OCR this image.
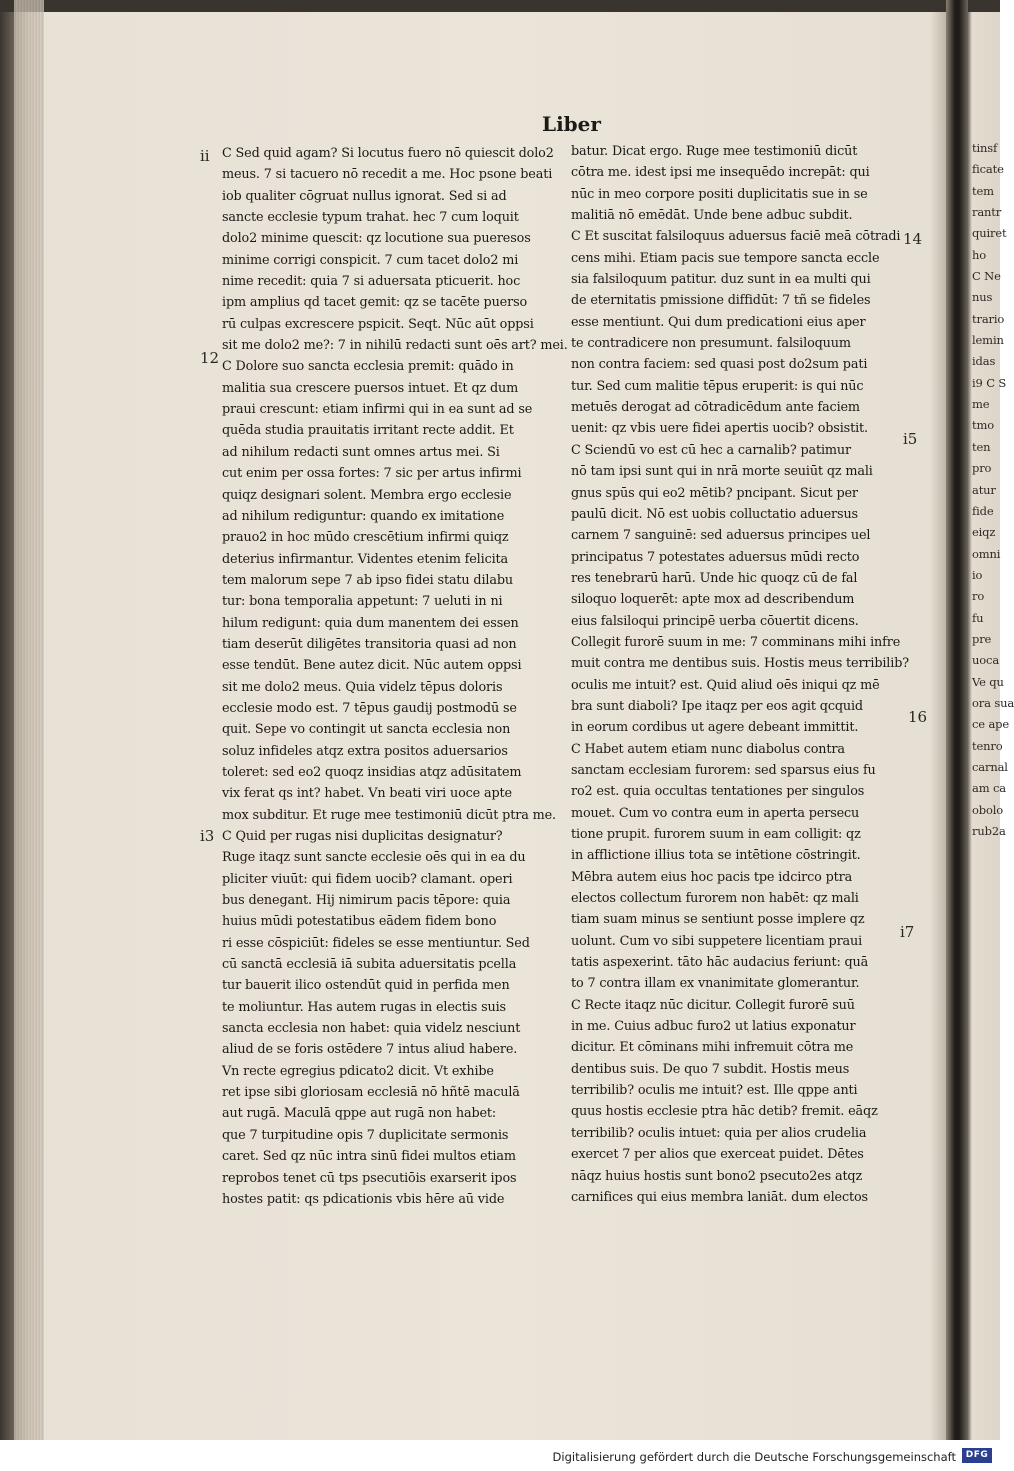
Liber
ii
12
i3
14
i5
16
i7
C Sed quid agam? Si locutus fuero nō quiescit dolo2
meus. 7 si tacuero nō recedit a me. Hoc psone beati
iob qualiter cōgruat nullus ignorat. Sed si ad
sancte ecclesie typum trahat. hec 7 cum loquit
dolo2 minime quescit: qz locutione sua pueresos
minime corrigi conspicit. 7 cum tacet dolo2 mi
nime recedit: quia 7 si aduersata pticuerit. hoc
ipm amplius qd tacet gemit: qz se tacēte puerso
rū culpas excrescere pspicit. Seqt. Nūc aūt oppsi
sit me dolo2 me?: 7 in nihilū redacti sunt oēs art? mei.
C Dolore suo sancta ecclesia premit: quādo in
malitia sua crescere puersos intuet. Et qz dum
praui crescunt: etiam infirmi qui in ea sunt ad se
quēda studia prauitatis irritant recte addit. Et
ad nihilum redacti sunt omnes artus mei. Si
cut enim per ossa fortes: 7 sic per artus infirmi
quiqz designari solent. Membra ergo ecclesie
ad nihilum rediguntur: quando ex imitatione
prauo2 in hoc mūdo crescētium infirmi quiqz
deterius infirmantur. Videntes etenim felicita
tem malorum sepe 7 ab ipso fidei statu dilabu
tur: bona temporalia appetunt: 7 ueluti in ni
hilum redigunt: quia dum manentem dei essen
tiam deserūt diligētes transitoria quasi ad non
esse tendūt. Bene autez dicit. Nūc autem oppsi
sit me dolo2 meus. Quia videlz tēpus doloris
ecclesie modo est. 7 tēpus gaudij postmodū se
quit. Sepe vo contingit ut sancta ecclesia non
soluz infideles atqz extra positos aduersarios
toleret: sed eo2 quoqz insidias atqz adūsitatem
vix ferat qs int? habet. Vn beati viri uoce apte
mox subditur. Et ruge mee testimoniū dicūt ptra me.
C Quid per rugas nisi duplicitas designatur?
Ruge itaqz sunt sancte ecclesie oēs qui in ea du
pliciter viuūt: qui fidem uocib? clamant. operi
bus denegant. Hij nimirum pacis tēpore: quia
huius mūdi potestatibus eādem fidem bono
ri esse cōspiciūt: fideles se esse mentiuntur. Sed
cū sanctā ecclesiā iā subita aduersitatis pcella
tur bauerit ilico ostendūt quid in perfida men
te moliuntur. Has autem rugas in electis suis
sancta ecclesia non habet: quia videlz nesciunt
aliud de se foris ostēdere 7 intus aliud habere.
Vn recte egregius pdicato2 dicit. Vt exhibe
ret ipse sibi gloriosam ecclesiā nō hñtē maculā
aut rugā. Maculā qppe aut rugā non habet:
que 7 turpitudine opis 7 duplicitate sermonis
caret. Sed qz nūc intra sinū fidei multos etiam
reprobos tenet cū tps psecutiōis exarserit ipos
hostes patit: qs pdicationis vbis hēre aū vide
batur. Dicat ergo. Ruge mee testimoniū dicūt
cōtra me. idest ipsi me insequēdo increpāt: qui
nūc in meo corpore positi duplicitatis sue in se
malitiā nō emēdāt. Unde bene adbuc subdit.
C Et suscitat falsiloquus aduersus faciē meā cōtradi
cens mihi. Etiam pacis sue tempore sancta eccle
sia falsiloquum patitur. duz sunt in ea multi qui
de eternitatis pmissione diffidūt: 7 tñ se fideles
esse mentiunt. Qui dum predicationi eius aper
te contradicere non presumunt. falsiloquum
non contra faciem: sed quasi post do2sum pati
tur. Sed cum malitie tēpus eruperit: is qui nūc
metuēs derogat ad cōtradicēdum ante faciem
uenit: qz vbis uere fidei apertis uocib? obsistit.
C Sciendū vo est cū hec a carnalib? patimur
nō tam ipsi sunt qui in nrā morte seuiūt qz mali
gnus spūs qui eo2 mētib? pncipant. Sicut per
paulū dicit. Nō est uobis colluctatio aduersus
carnem 7 sanguinē: sed aduersus principes uel
principatus 7 potestates aduersus mūdi recto
res tenebrarū harū. Unde hic quoqz cū de fal
siloquo loquerēt: apte mox ad describendum
eius falsiloqui principē uerba cōuertit dicens.
Collegit furorē suum in me: 7 comminans mihi infre
muit contra me dentibus suis. Hostis meus terribilib?
oculis me intuit? est. Quid aliud oēs iniqui qz mē
bra sunt diaboli? Ipe itaqz per eos agit qcquid
in eorum cordibus ut agere debeant immittit.
C Habet autem etiam nunc diabolus contra
sanctam ecclesiam furorem: sed sparsus eius fu
ro2 est. quia occultas tentationes per singulos
mouet. Cum vo contra eum in aperta persecu
tione prupit. furorem suum in eam colligit: qz
in afflictione illius tota se intētione cōstringit.
Mēbra autem eius hoc pacis tpe idcirco ptra
electos collectum furorem non habēt: qz mali
tiam suam minus se sentiunt posse implere qz
uolunt. Cum vo sibi suppetere licentiam praui
tatis aspexerint. tāto hāc audacius feriunt: quā
to 7 contra illam ex vnanimitate glomerantur.
C Recte itaqz nūc dicitur. Collegit furorē suū
in me. Cuius adbuc furo2 ut latius exponatur
dicitur. Et cōminans mihi infremuit cōtra me
dentibus suis. De quo 7 subdit. Hostis meus
terribilib? oculis me intuit? est. Ille qppe anti
quus hostis ecclesie ptra hāc detib? fremit. eāqz
terribilib? oculis intuet: quia per alios crudelia
exercet 7 per alios que exerceat puidet. Dētes
nāqz huius hostis sunt bono2 psecuto2es atqz
carnifices qui eius membra laniāt. dum electos
tinsf
ficate
tem
rantr
quiret
ho
C Ne
nus
trario
lemin
idas
i9 C S
me
tmo
ten
pro
atur
fide
eiqz
omni
io
ro
fu
pre
uoca
Ve qu
ora sua
ce ape
tenro
carnal
am ca
obolo
rub2a
Digitalisierung gefördert durch die Deutsche Forschungsgemeinschaft	DFG
